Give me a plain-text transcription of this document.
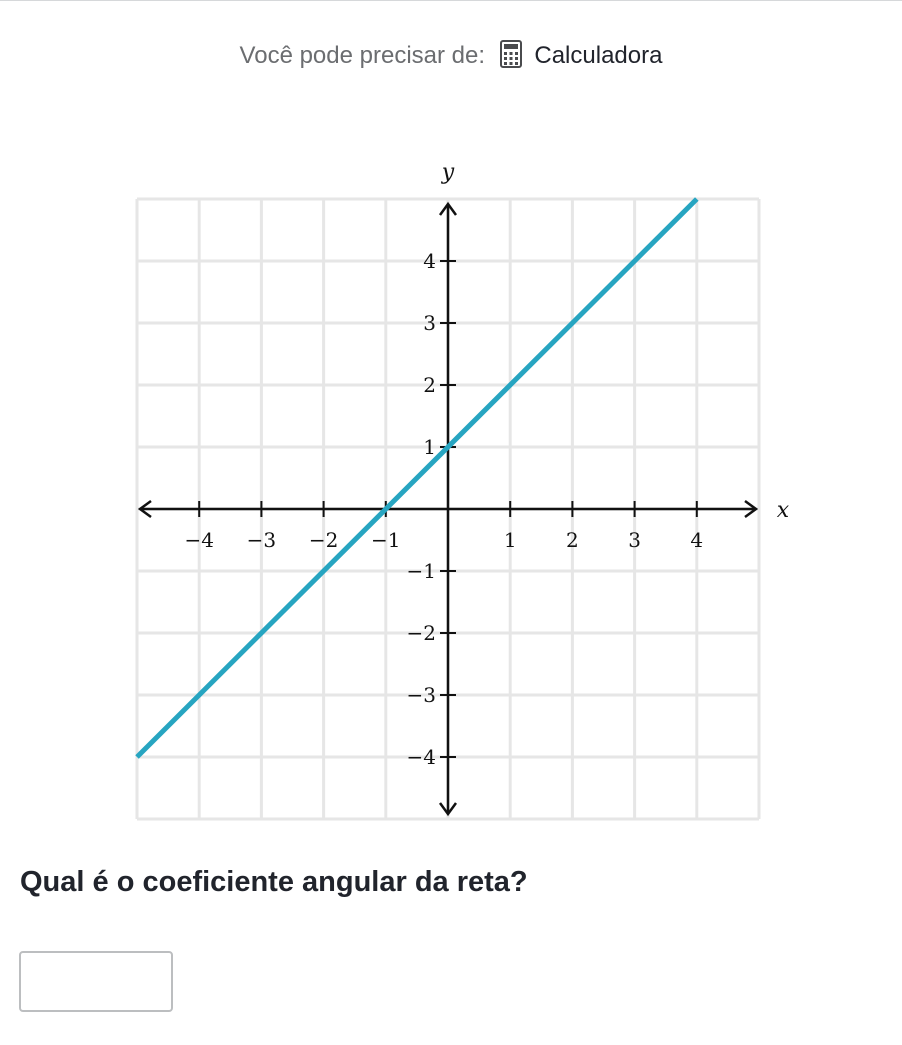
Você pode precisar de: Calculadora
x
y
−4 −3 −2 −1	1 2 3 4
−4
−3
−2
−1
1
2
3
4

Qual é o coeficiente angular da reta?
